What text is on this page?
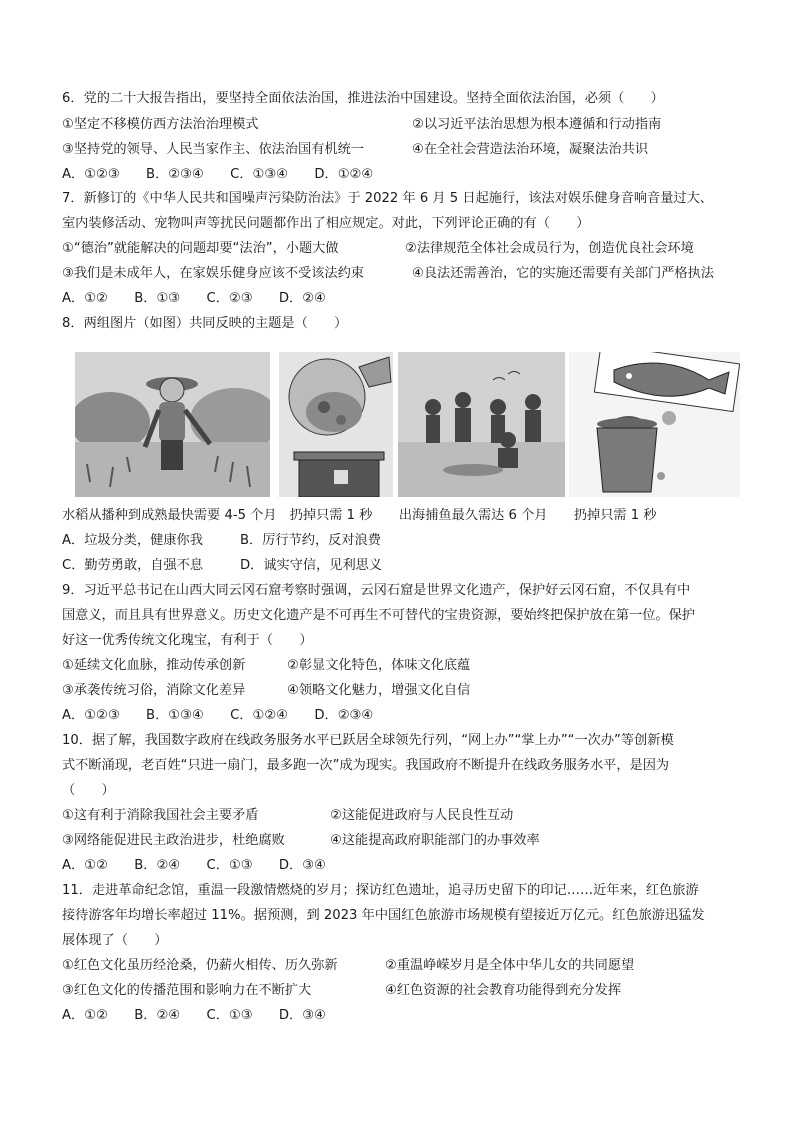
6．党的二十大报告指出，要坚持全面依法治国，推进法治中国建设。坚持全面依法治国，必须（　　）
①坚定不移模仿西方法治治理模式	②以习近平法治思想为根本遵循和行动指南
③坚持党的领导、人民当家作主、依法治国有机统一	④在全社会营造法治环境，凝聚法治共识
A．①②③　　B．②③④　　C．①③④　　D．①②④
7．新修订的《中华人民共和国噪声污染防治法》于 2022 年 6 月 5 日起施行，该法对娱乐健身音响音量过大、
室内装修活动、宠物叫声等扰民问题都作出了相应规定。对此，下列评论正确的有（　　）
①“德治”就能解决的问题却要“法治”，小题大做	②法律规范全体社会成员行为，创造优良社会环境
③我们是未成年人，在家娱乐健身应该不受该法约束	④良法还需善治，它的实施还需要有关部门严格执法
A．①②　　B．①③　　C．②③　　D．②④
8．两组图片（如图）共同反映的主题是（　　）
水稻从播种到成熟最快需要 4-5 个月　扔掉只需 1 秒　　出海捕鱼最久需达 6 个月　　扔掉只需 1 秒
A．垃圾分类，健康你我	B．厉行节约，反对浪费
C．勤劳勇敢，自强不息	D．诚实守信，见利思义
9．习近平总书记在山西大同云冈石窟考察时强调，云冈石窟是世界文化遗产，保护好云冈石窟，不仅具有中
国意义，而且具有世界意义。历史文化遗产是不可再生不可替代的宝贵资源，要始终把保护放在第一位。保护
好这一优秀传统文化瑰宝，有利于（　　）
①延续文化血脉，推动传承创新	②彰显文化特色，体味文化底蕴
③承袭传统习俗，消除文化差异	④领略文化魅力，增强文化自信
A．①②③　　B．①③④　　C．①②④　　D．②③④
10．据了解，我国数字政府在线政务服务水平已跃居全球领先行列，“网上办”“掌上办”“一次办”等创新模
式不断涌现，老百姓“只进一扇门，最多跑一次”成为现实。我国政府不断提升在线政务服务水平，是因为
（　　）
①这有利于消除我国社会主要矛盾	②这能促进政府与人民良性互动
③网络能促进民主政治进步，杜绝腐败	④这能提高政府职能部门的办事效率
A．①②　　B．②④　　C．①③　　D．③④
11．走进革命纪念馆，重温一段激情燃烧的岁月；探访红色遗址，追寻历史留下的印记……近年来，红色旅游
接待游客年均增长率超过 11%。据预测，到 2023 年中国红色旅游市场规模有望接近万亿元。红色旅游迅猛发
展体现了（　　）
①红色文化虽历经沧桑，仍薪火相传、历久弥新	②重温峥嵘岁月是全体中华儿女的共同愿望
③红色文化的传播范围和影响力在不断扩大	④红色资源的社会教育功能得到充分发挥
A．①②　　B．②④　　C．①③　　D．③④
